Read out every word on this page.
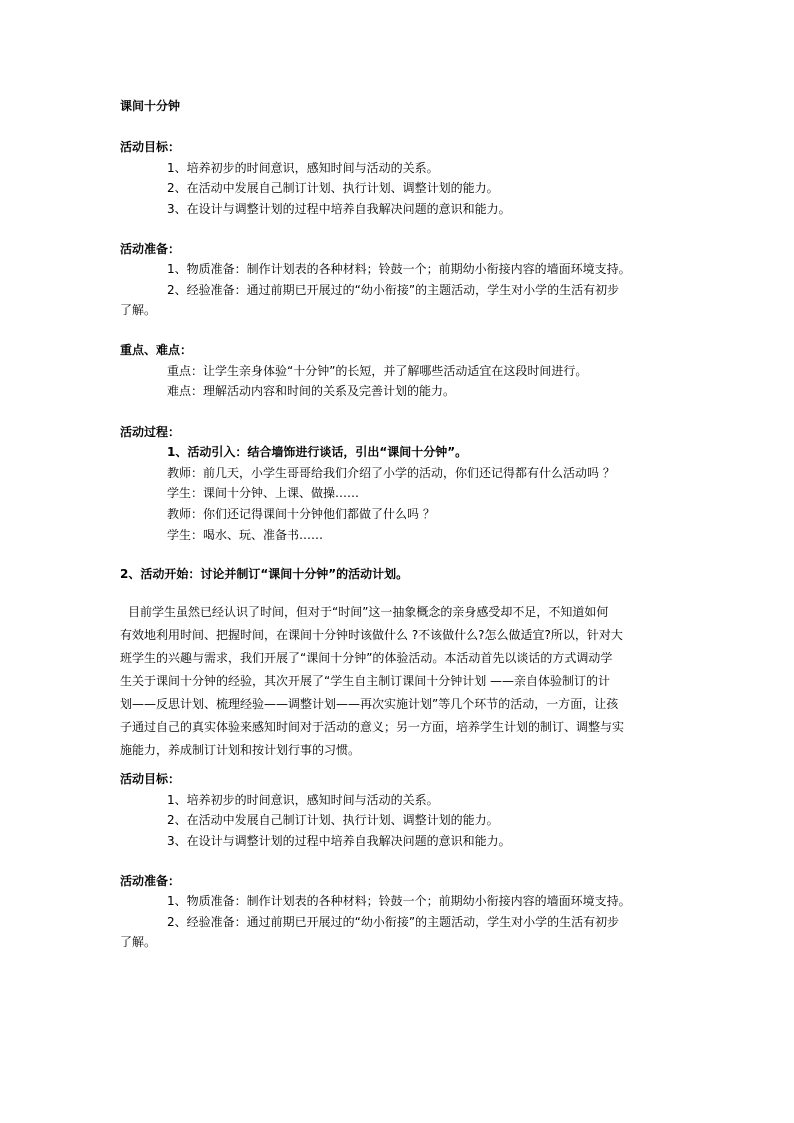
课间十分钟
活动目标：
1、培养初步的时间意识，感知时间与活动的关系。
2、在活动中发展自己制订计划、执行计划、调整计划的能力。
3、在设计与调整计划的过程中培养自我解决问题的意识和能力。
活动准备：
1、物质准备：制作计划表的各种材料；铃鼓一个；前期幼小衔接内容的墙面环境支持。
2、经验准备：通过前期已开展过的“幼小衔接”的主题活动，学生对小学的生活有初步
了解。
重点、难点：
重点：让学生亲身体验“十分钟”的长短，并了解哪些活动适宜在这段时间进行。
难点：理解活动内容和时间的关系及完善计划的能力。
活动过程：
1、活动引入：结合墙饰进行谈话，引出“课间十分钟”。
教师：前几天，小学生哥哥给我们介绍了小学的活动，你们还记得都有什么活动吗 ？
学生：课间十分钟、上课、做操……
教师：你们还记得课间十分钟他们都做了什么吗 ？
学生：喝水、玩、准备书……
2、活动开始：讨论并制订“课间十分钟”的活动计划。
目前学生虽然已经认识了时间，但对于“时间”这一抽象概念的亲身感受却不足，不知道如何
有效地利用时间、把握时间，在课间十分钟时该做什么 ?不该做什么?怎么做适宜?所以，针对大
班学生的兴趣与需求，我们开展了“课间十分钟”的体验活动。本活动首先以谈话的方式调动学
生关于课间十分钟的经验，其次开展了“学生自主制订课间十分钟计划 ——亲自体验制订的计
划——反思计划、梳理经验——调整计划——再次实施计划”等几个环节的活动，一方面，让孩
子通过自己的真实体验来感知时间对于活动的意义；另一方面，培养学生计划的制订、调整与实
施能力，养成制订计划和按计划行事的习惯。
活动目标：
1、培养初步的时间意识，感知时间与活动的关系。
2、在活动中发展自己制订计划、执行计划、调整计划的能力。
3、在设计与调整计划的过程中培养自我解决问题的意识和能力。
活动准备：
1、物质准备：制作计划表的各种材料；铃鼓一个；前期幼小衔接内容的墙面环境支持。
2、经验准备：通过前期已开展过的“幼小衔接”的主题活动，学生对小学的生活有初步
了解。
